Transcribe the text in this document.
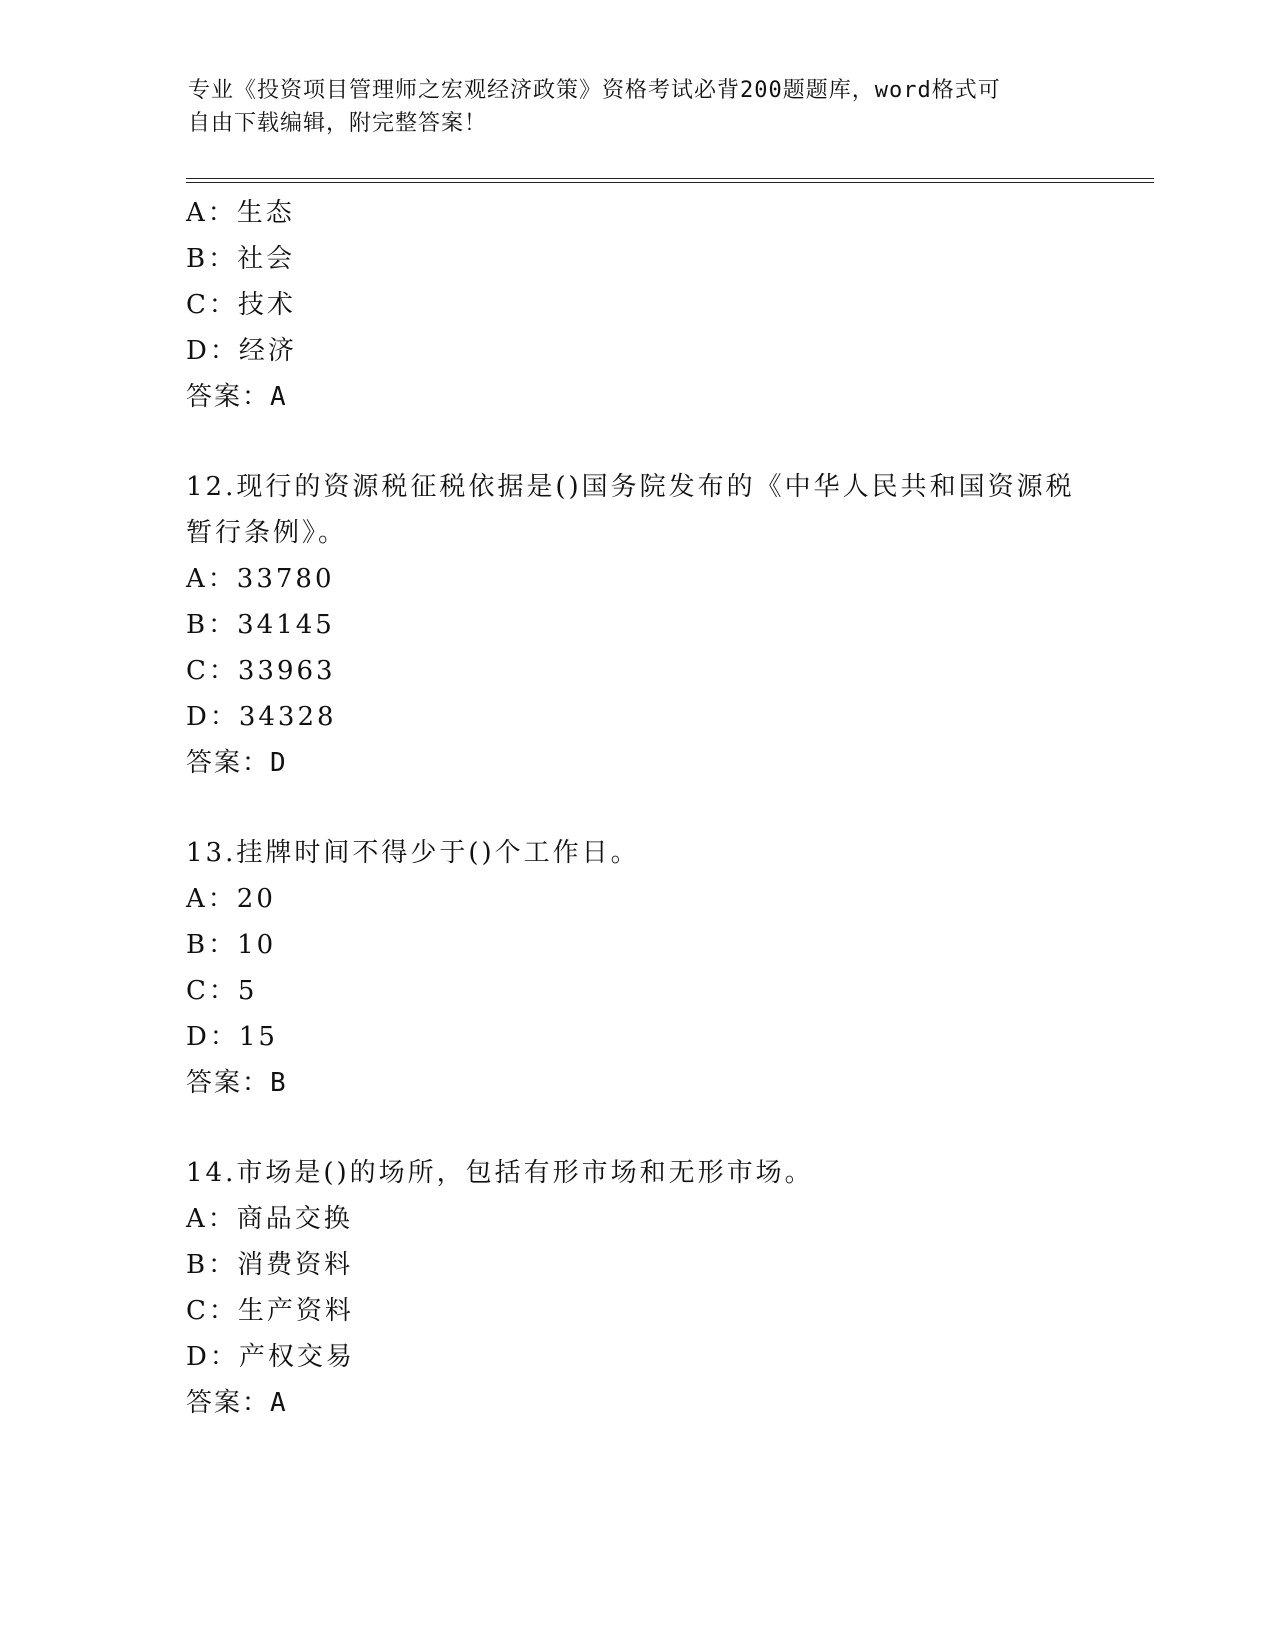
专业《投资项目管理师之宏观经济政策》资格考试必背200题题库，word格式可
自由下载编辑，附完整答案！
A：生态
B：社会
C：技术
D：经济
答案：A
12.现行的资源税征税依据是()国务院发布的《中华人民共和国资源税
暂行条例》。
A：33780
B：34145
C：33963
D：34328
答案：D
13.挂牌时间不得少于()个工作日。
A：20
B：10
C：5
D：15
答案：B
14.市场是()的场所，包括有形市场和无形市场。
A：商品交换
B：消费资料
C：生产资料
D：产权交易
答案：A
